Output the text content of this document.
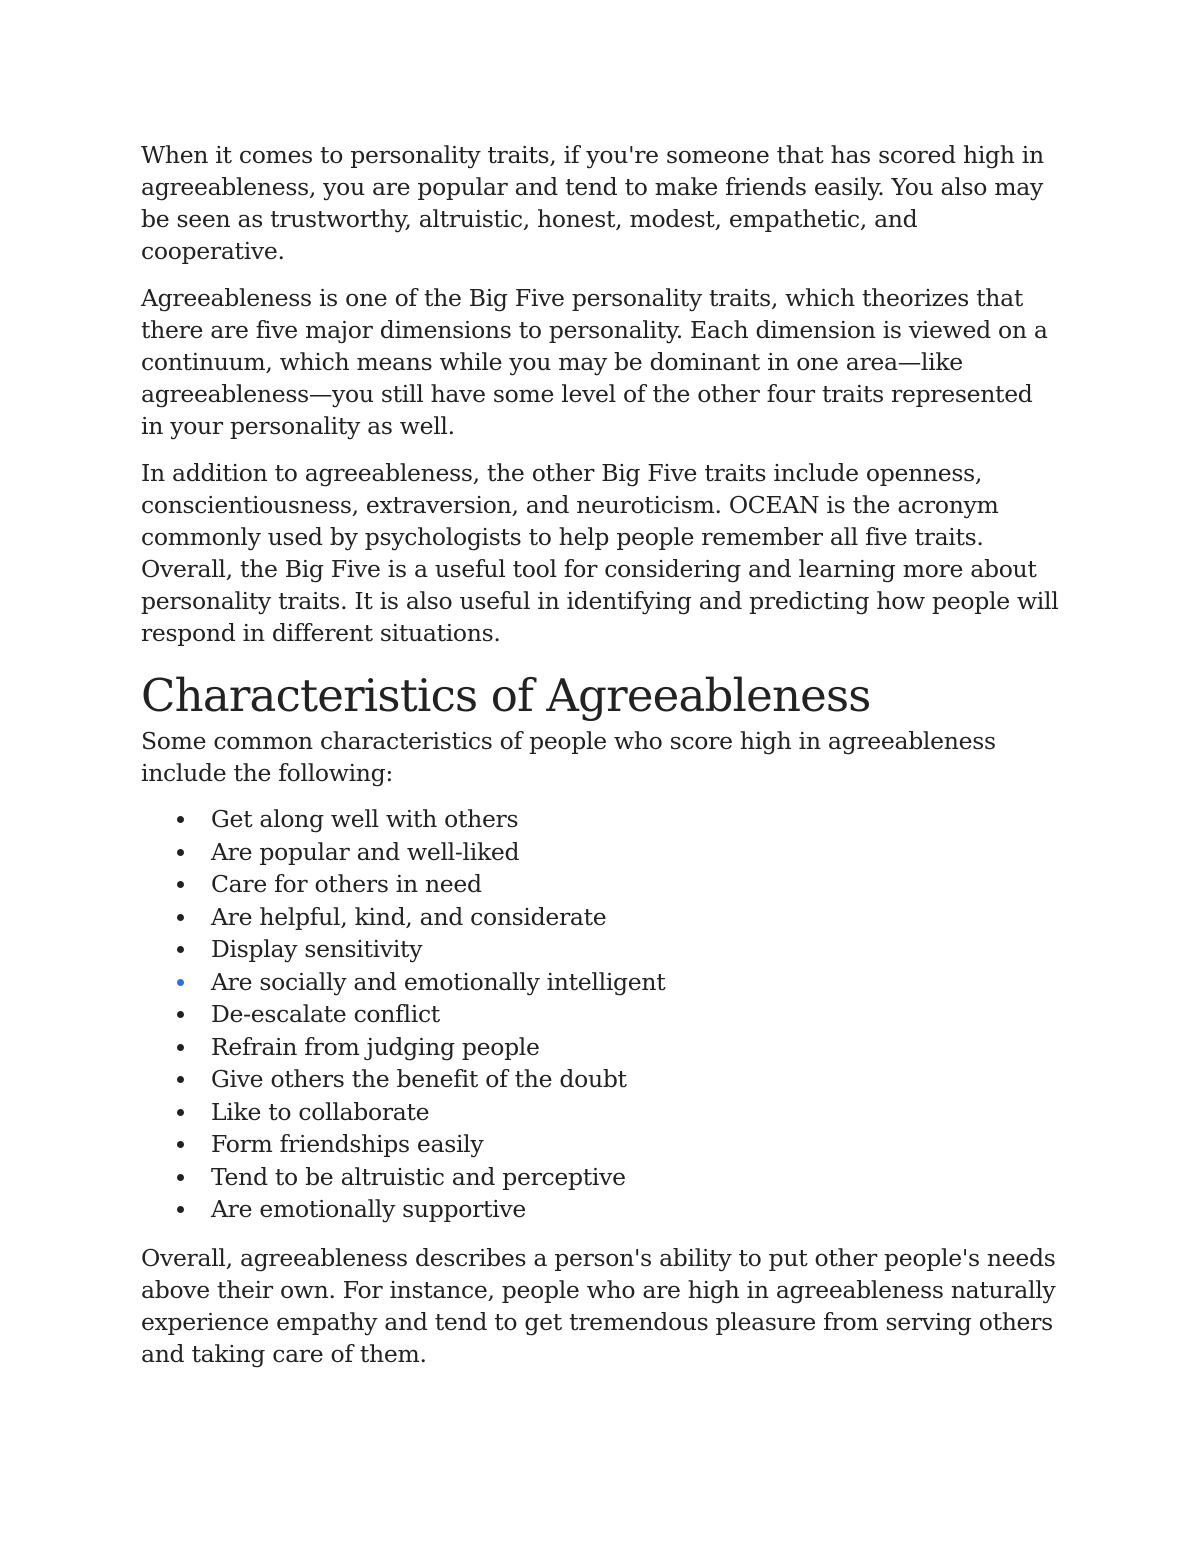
When it comes to personality traits, if you're someone that has scored high in agreeableness, you are popular and tend to make friends easily. You also may be seen as trustworthy, altruistic, honest, modest, empathetic, and cooperative.

Agreeableness is one of the Big Five personality traits, which theorizes that there are five major dimensions to personality. Each dimension is viewed on a continuum, which means while you may be dominant in one area—like agreeableness—you still have some level of the other four traits represented in your personality as well.

In addition to agreeableness, the other Big Five traits include openness, conscientiousness, extraversion, and neuroticism. OCEAN is the acronym commonly used by psychologists to help people remember all five traits. Overall, the Big Five is a useful tool for considering and learning more about personality traits. It is also useful in identifying and predicting how people will respond in different situations.

Characteristics of Agreeableness

Some common characteristics of people who score high in agreeableness include the following:

Get along well with others
Are popular and well-liked
Care for others in need
Are helpful, kind, and considerate
Display sensitivity
Are socially and emotionally intelligent
De-escalate conflict
Refrain from judging people
Give others the benefit of the doubt
Like to collaborate
Form friendships easily
Tend to be altruistic and perceptive
Are emotionally supportive

Overall, agreeableness describes a person's ability to put other people's needs above their own. For instance, people who are high in agreeableness naturally experience empathy and tend to get tremendous pleasure from serving others and taking care of them.
